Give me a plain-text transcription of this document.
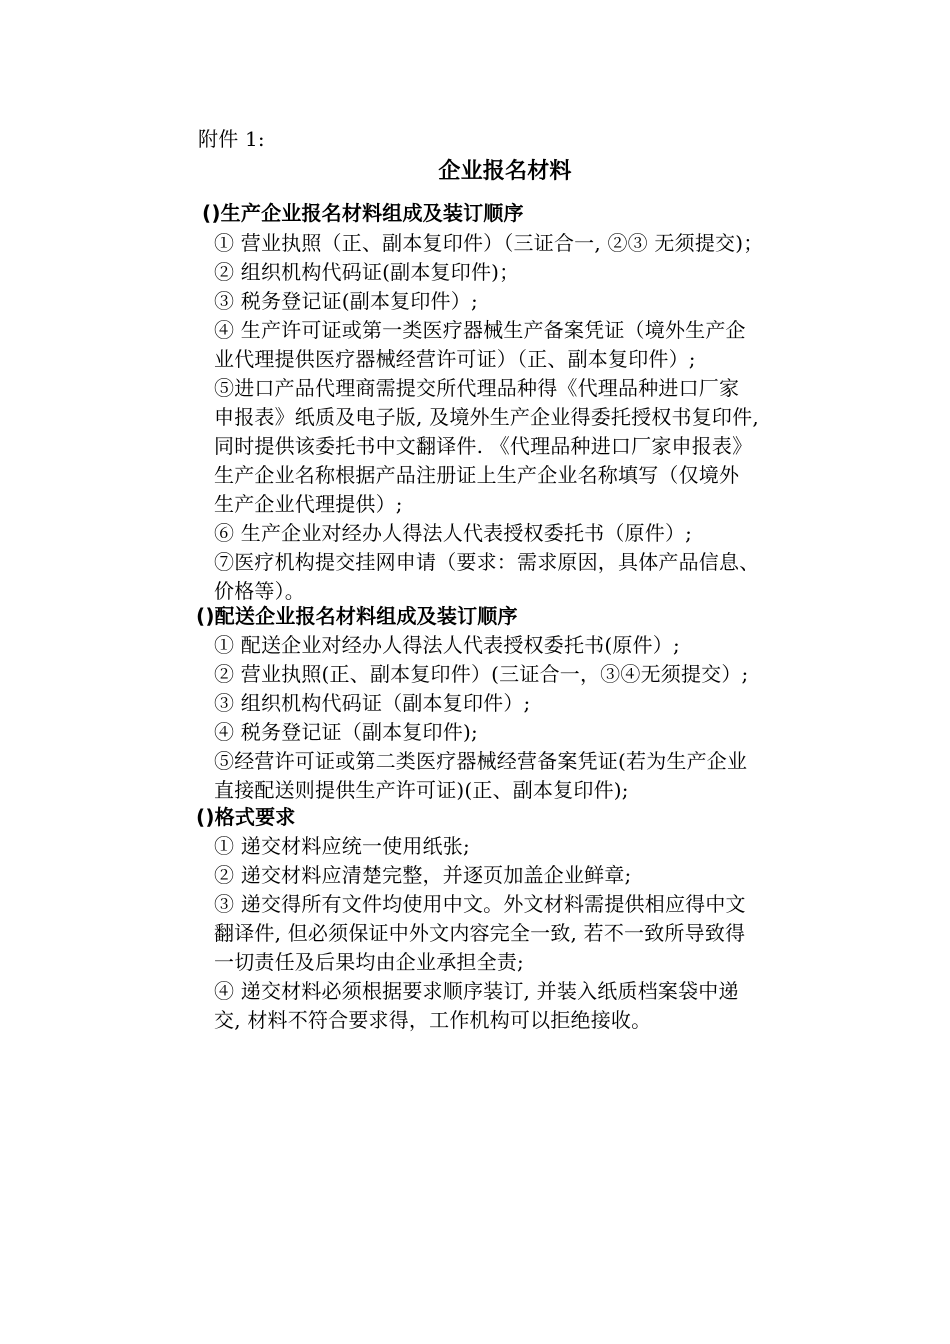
附件 1:
企业报名材料
()生产企业报名材料组成及装订顺序
① 营业执照（正、副本复印件）（三证合一, ②③ 无须提交)；
② 组织机构代码证(副本复印件)；
③ 税务登记证(副本复印件）;
④ 生产许可证或第一类医疗器械生产备案凭证（境外生产企
业代理提供医疗器械经营许可证）（正、副本复印件）;
⑤进口产品代理商需提交所代理品种得《代理品种进口厂家
申报表》纸质及电子版, 及境外生产企业得委托授权书复印件,
同时提供该委托书中文翻译件. 《代理品种进口厂家申报表》
生产企业名称根据产品注册证上生产企业名称填写（仅境外
生产企业代理提供）;
⑥ 生产企业对经办人得法人代表授权委托书（原件）;
⑦医疗机构提交挂网申请（要求：需求原因，具体产品信息、
价格等）。
()配送企业报名材料组成及装订顺序
① 配送企业对经办人得法人代表授权委托书(原件）;
② 营业执照(正、副本复印件）(三证合一，③④无须提交）;
③ 组织机构代码证（副本复印件）;
④ 税务登记证（副本复印件);
⑤经营许可证或第二类医疗器械经营备案凭证(若为生产企业
直接配送则提供生产许可证)(正、副本复印件);
()格式要求
① 递交材料应统一使用纸张;
② 递交材料应清楚完整，并逐页加盖企业鲜章;
③ 递交得所有文件均使用中文。外文材料需提供相应得中文
翻译件, 但必须保证中外文内容完全一致, 若不一致所导致得
一切责任及后果均由企业承担全责;
④ 递交材料必须根据要求顺序装订, 并装入纸质档案袋中递
交, 材料不符合要求得，工作机构可以拒绝接收。
